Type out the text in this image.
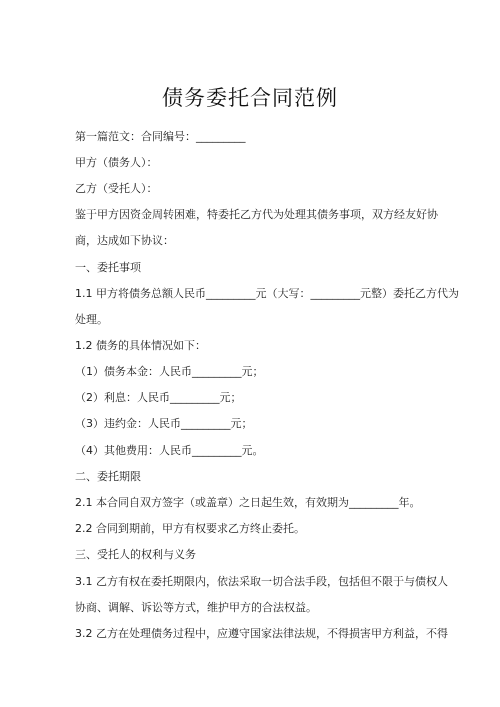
债务委托合同范例
第一篇范文：合同编号：_________
甲方（债务人）：
乙方（受托人）：
鉴于甲方因资金周转困难，特委托乙方代为处理其债务事项，双方经友好协
商，达成如下协议：
一、委托事项
1.1 甲方将债务总额人民币_________元（大写：_________元整）委托乙方代为
处理。
1.2 债务的具体情况如下：
（1）债务本金：人民币_________元；
（2）利息：人民币_________元；
（3）违约金：人民币_________元；
（4）其他费用：人民币_________元。
二、委托期限
2.1 本合同自双方签字（或盖章）之日起生效，有效期为_________年。
2.2 合同到期前，甲方有权要求乙方终止委托。
三、受托人的权利与义务
3.1 乙方有权在委托期限内，依法采取一切合法手段，包括但不限于与债权人
协商、调解、诉讼等方式，维护甲方的合法权益。
3.2 乙方在处理债务过程中，应遵守国家法律法规，不得损害甲方利益，不得
